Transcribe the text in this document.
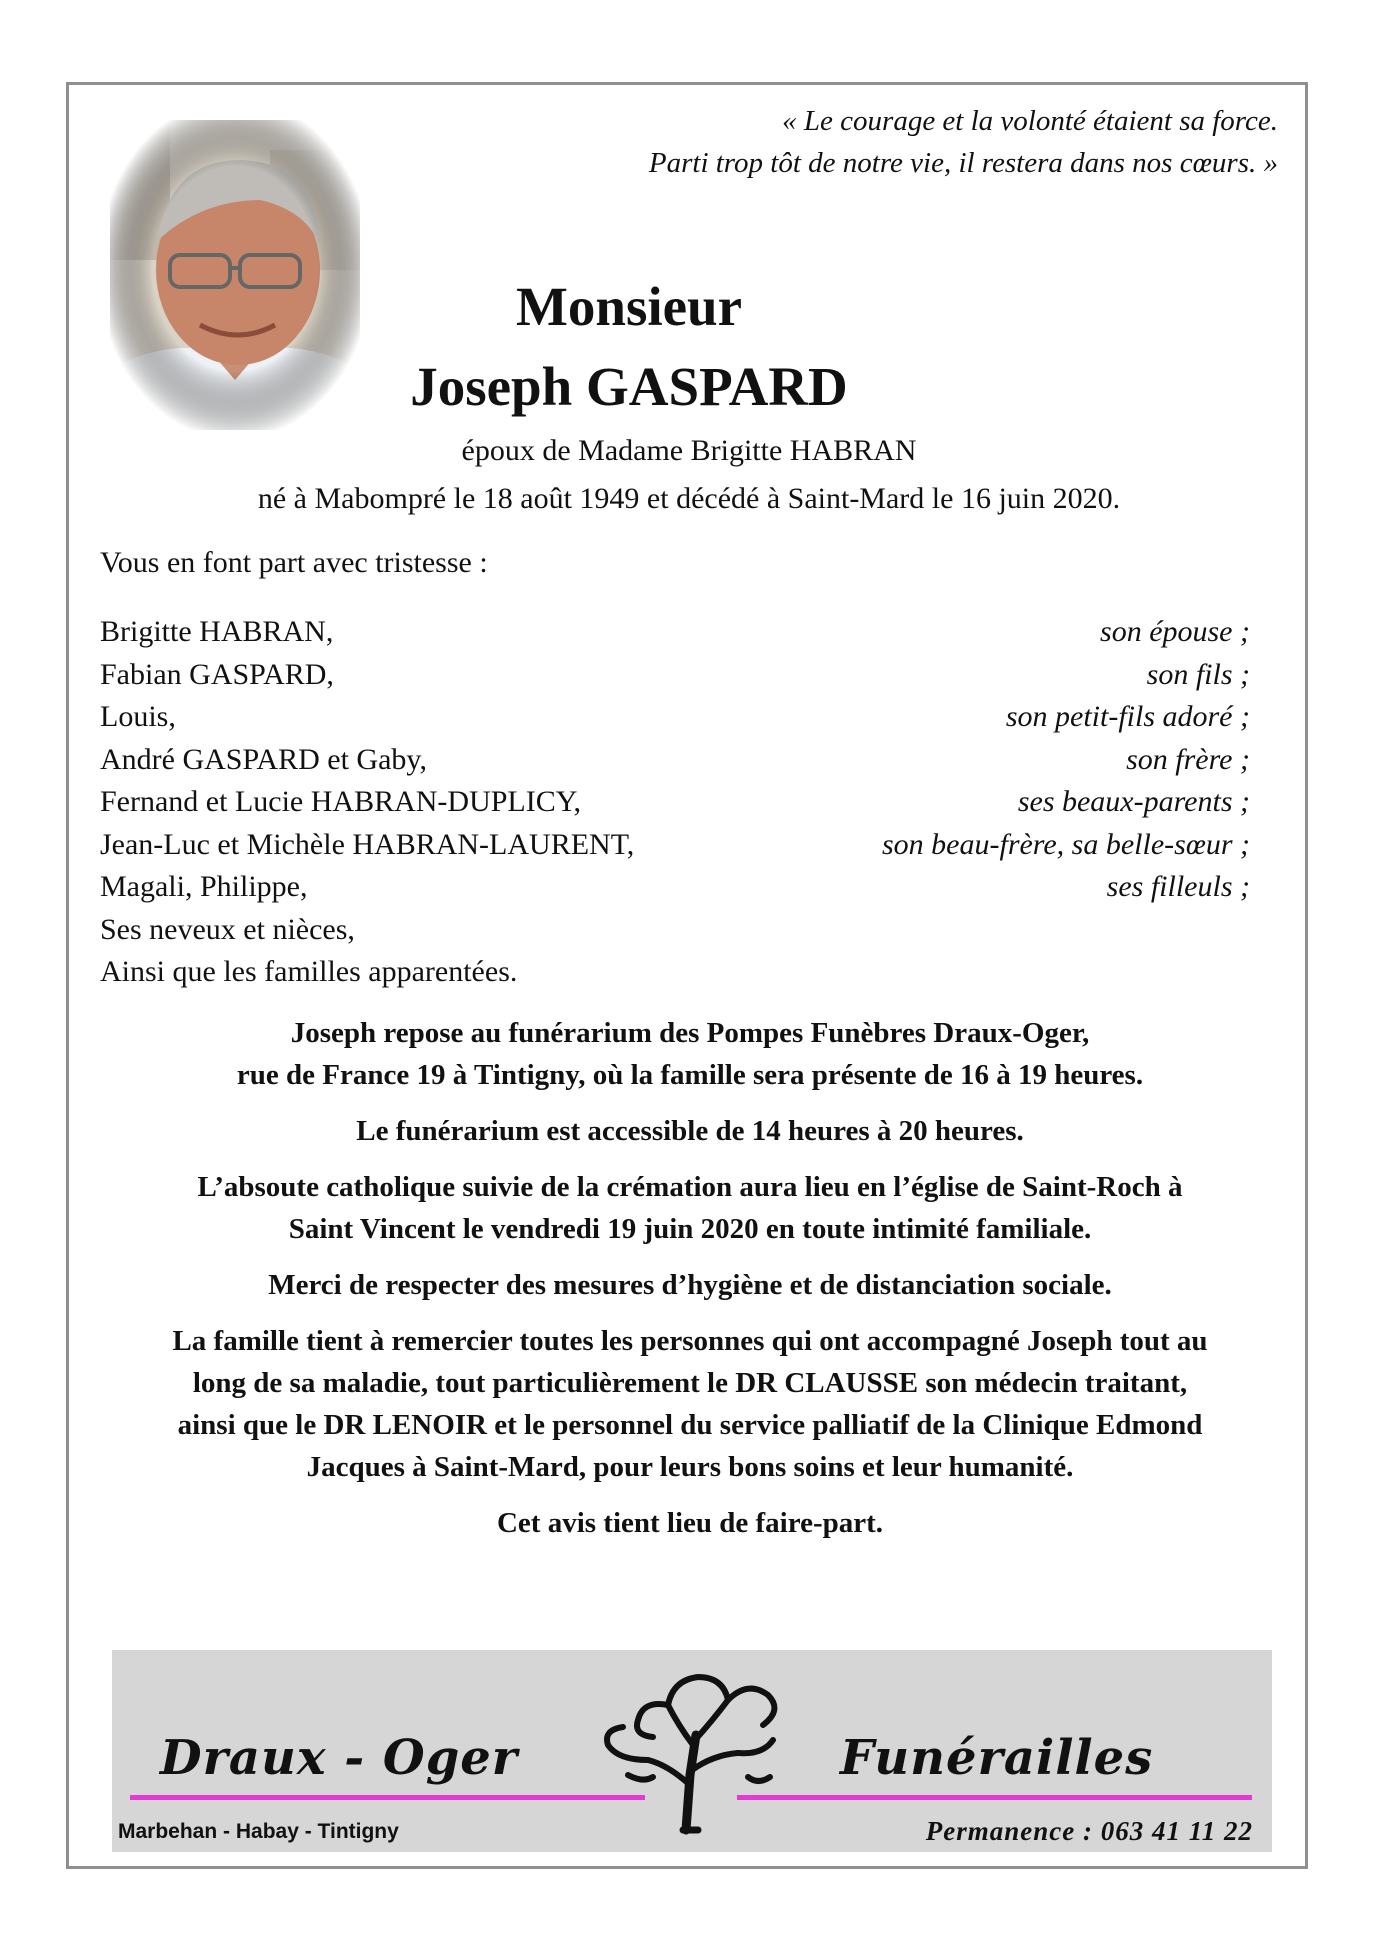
« Le courage et la volonté étaient sa force.
Parti trop tôt de notre vie, il restera dans nos cœurs. »
Monsieur
Joseph GASPARD
époux de Madame Brigitte HABRAN
né à Mabompré le 18 août 1949 et décédé à Saint-Mard le 16 juin 2020.
Vous en font part avec tristesse :
Brigitte HABRAN,	son épouse ;
Fabian GASPARD,	son fils ;
Louis,	son petit-fils adoré ;
André GASPARD et Gaby,	son frère ;
Fernand et Lucie HABRAN-DUPLICY,	ses beaux-parents ;
Jean-Luc et Michèle HABRAN-LAURENT,	son beau-frère, sa belle-sœur ;
Magali, Philippe,	ses filleuls ;
Ses neveux et nièces,
Ainsi que les familles apparentées.

Joseph repose au funérarium des Pompes Funèbres Draux-Oger,
rue de France 19 à Tintigny, où la famille sera présente de 16 à 19 heures.

Le funérarium est accessible de 14 heures à 20 heures.

L’absoute catholique suivie de la crémation aura lieu en l’église de Saint-Roch à
Saint Vincent le vendredi 19 juin 2020 en toute intimité familiale.

Merci de respecter des mesures d’hygiène et de distanciation sociale.

La famille tient à remercier toutes les personnes qui ont accompagné Joseph tout au
long de sa maladie, tout particulièrement le DR CLAUSSE son médecin traitant,
ainsi que le DR LENOIR et le personnel du service palliatif de la Clinique Edmond
Jacques à Saint-Mard, pour leurs bons soins et leur humanité.

Cet avis tient lieu de faire-part.

Draux - Oger	Funérailles
Marbehan - Habay - Tintigny	Permanence : 063 41 11 22
